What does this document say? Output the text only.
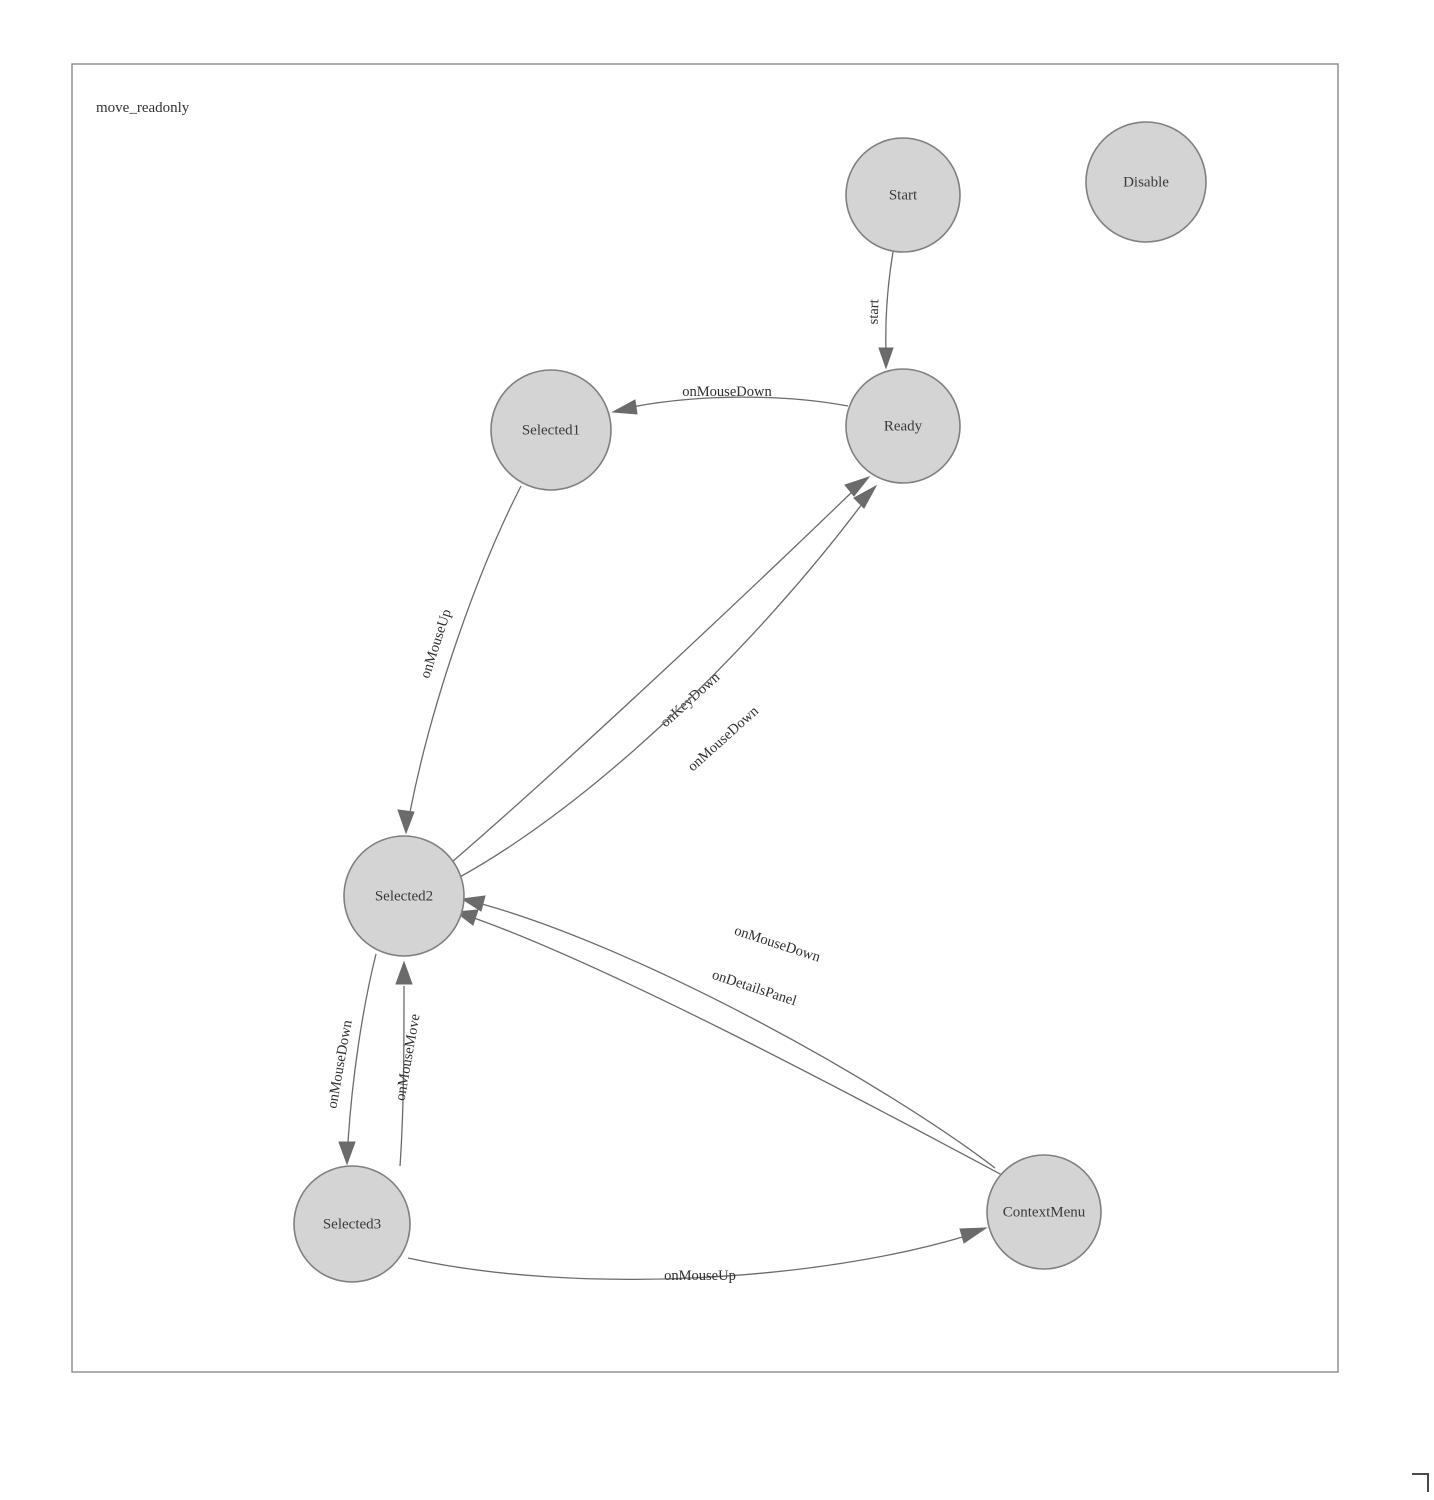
move_readonly
start
onMouseDown
onMouseUp
onKeyDown
onMouseDown
onMouseDown	onMouseMove
onMouseDown
onDetailsPanel
onMouseUp
Start
Disable
Ready
Selected1
Selected2
Selected3
ContextMenu
